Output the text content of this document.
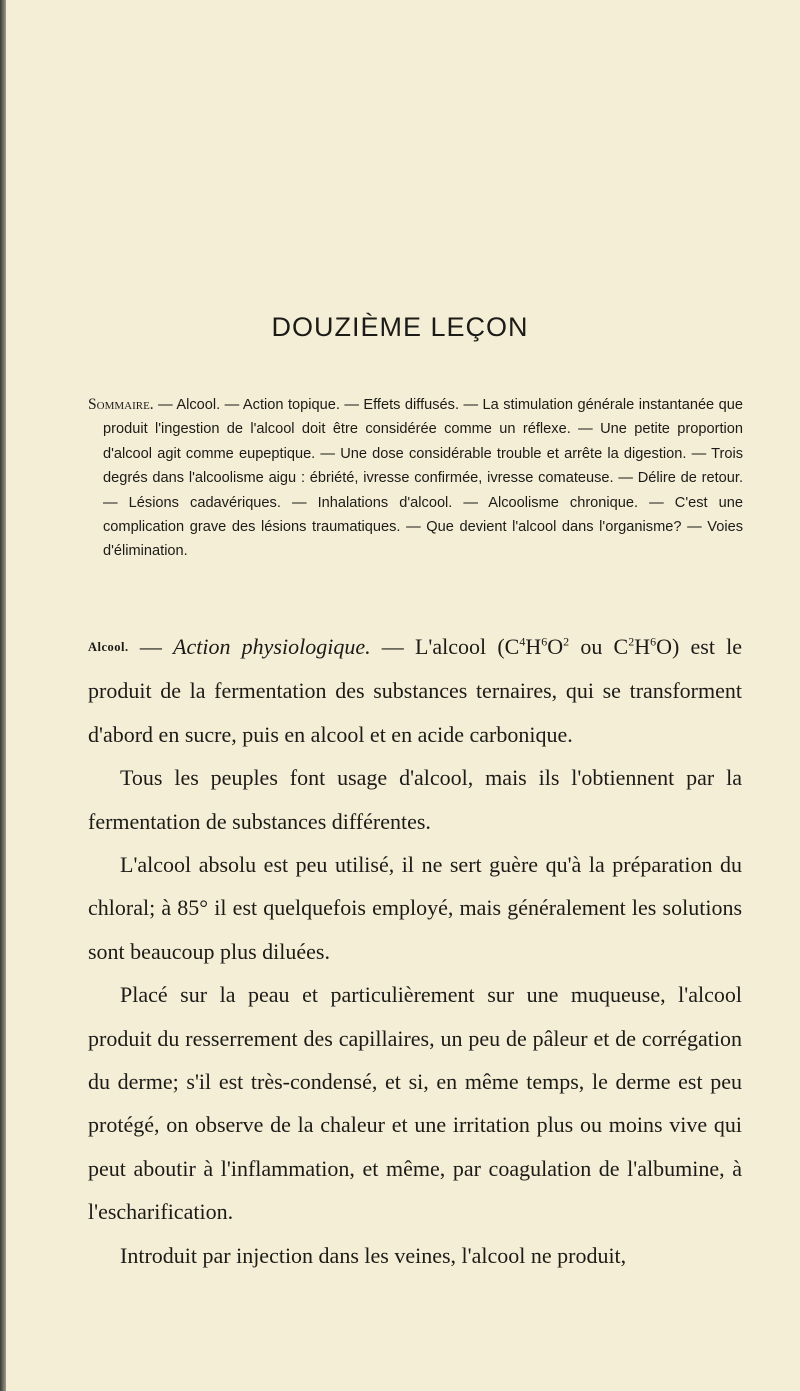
DOUZIÈME LEÇON

Sommaire. — Alcool. — Action topique. — Effets diffusés. — La stimulation générale instantanée que produit l'ingestion de l'alcool doit être considérée comme un réflexe. — Une petite proportion d'alcool agit comme eupeptique. — Une dose considérable trouble et arrête la digestion. — Trois degrés dans l'alcoolisme aigu : ébriété, ivresse confirmée, ivresse comateuse. — Délire de retour. — Lésions cadavériques. — Inhalations d'alcool. — Alcoolisme chronique. — C'est une complication grave des lésions traumatiques. — Que devient l'alcool dans l'organisme? — Voies d'élimination.

Alcool. — Action physiologique. — L'alcool ($C^4H^6O^2$ ou $C^2H^6O$) est le produit de la fermentation des substances ternaires, qui se transforment d'abord en sucre, puis en alcool et en acide carbonique.

Tous les peuples font usage d'alcool, mais ils l'obtiennent par la fermentation de substances différentes.

L'alcool absolu est peu utilisé, il ne sert guère qu'à la préparation du chloral; à 85° il est quelquefois employé, mais généralement les solutions sont beaucoup plus diluées.

Placé sur la peau et particulièrement sur une muqueuse, l'alcool produit du resserrement des capillaires, un peu de pâleur et de corrégation du derme; s'il est très-condensé, et si, en même temps, le derme est peu protégé, on observe de la chaleur et une irritation plus ou moins vive qui peut aboutir à l'inflammation, et même, par coagulation de l'albumine, à l'escharification.

Introduit par injection dans les veines, l'alcool ne produit,
